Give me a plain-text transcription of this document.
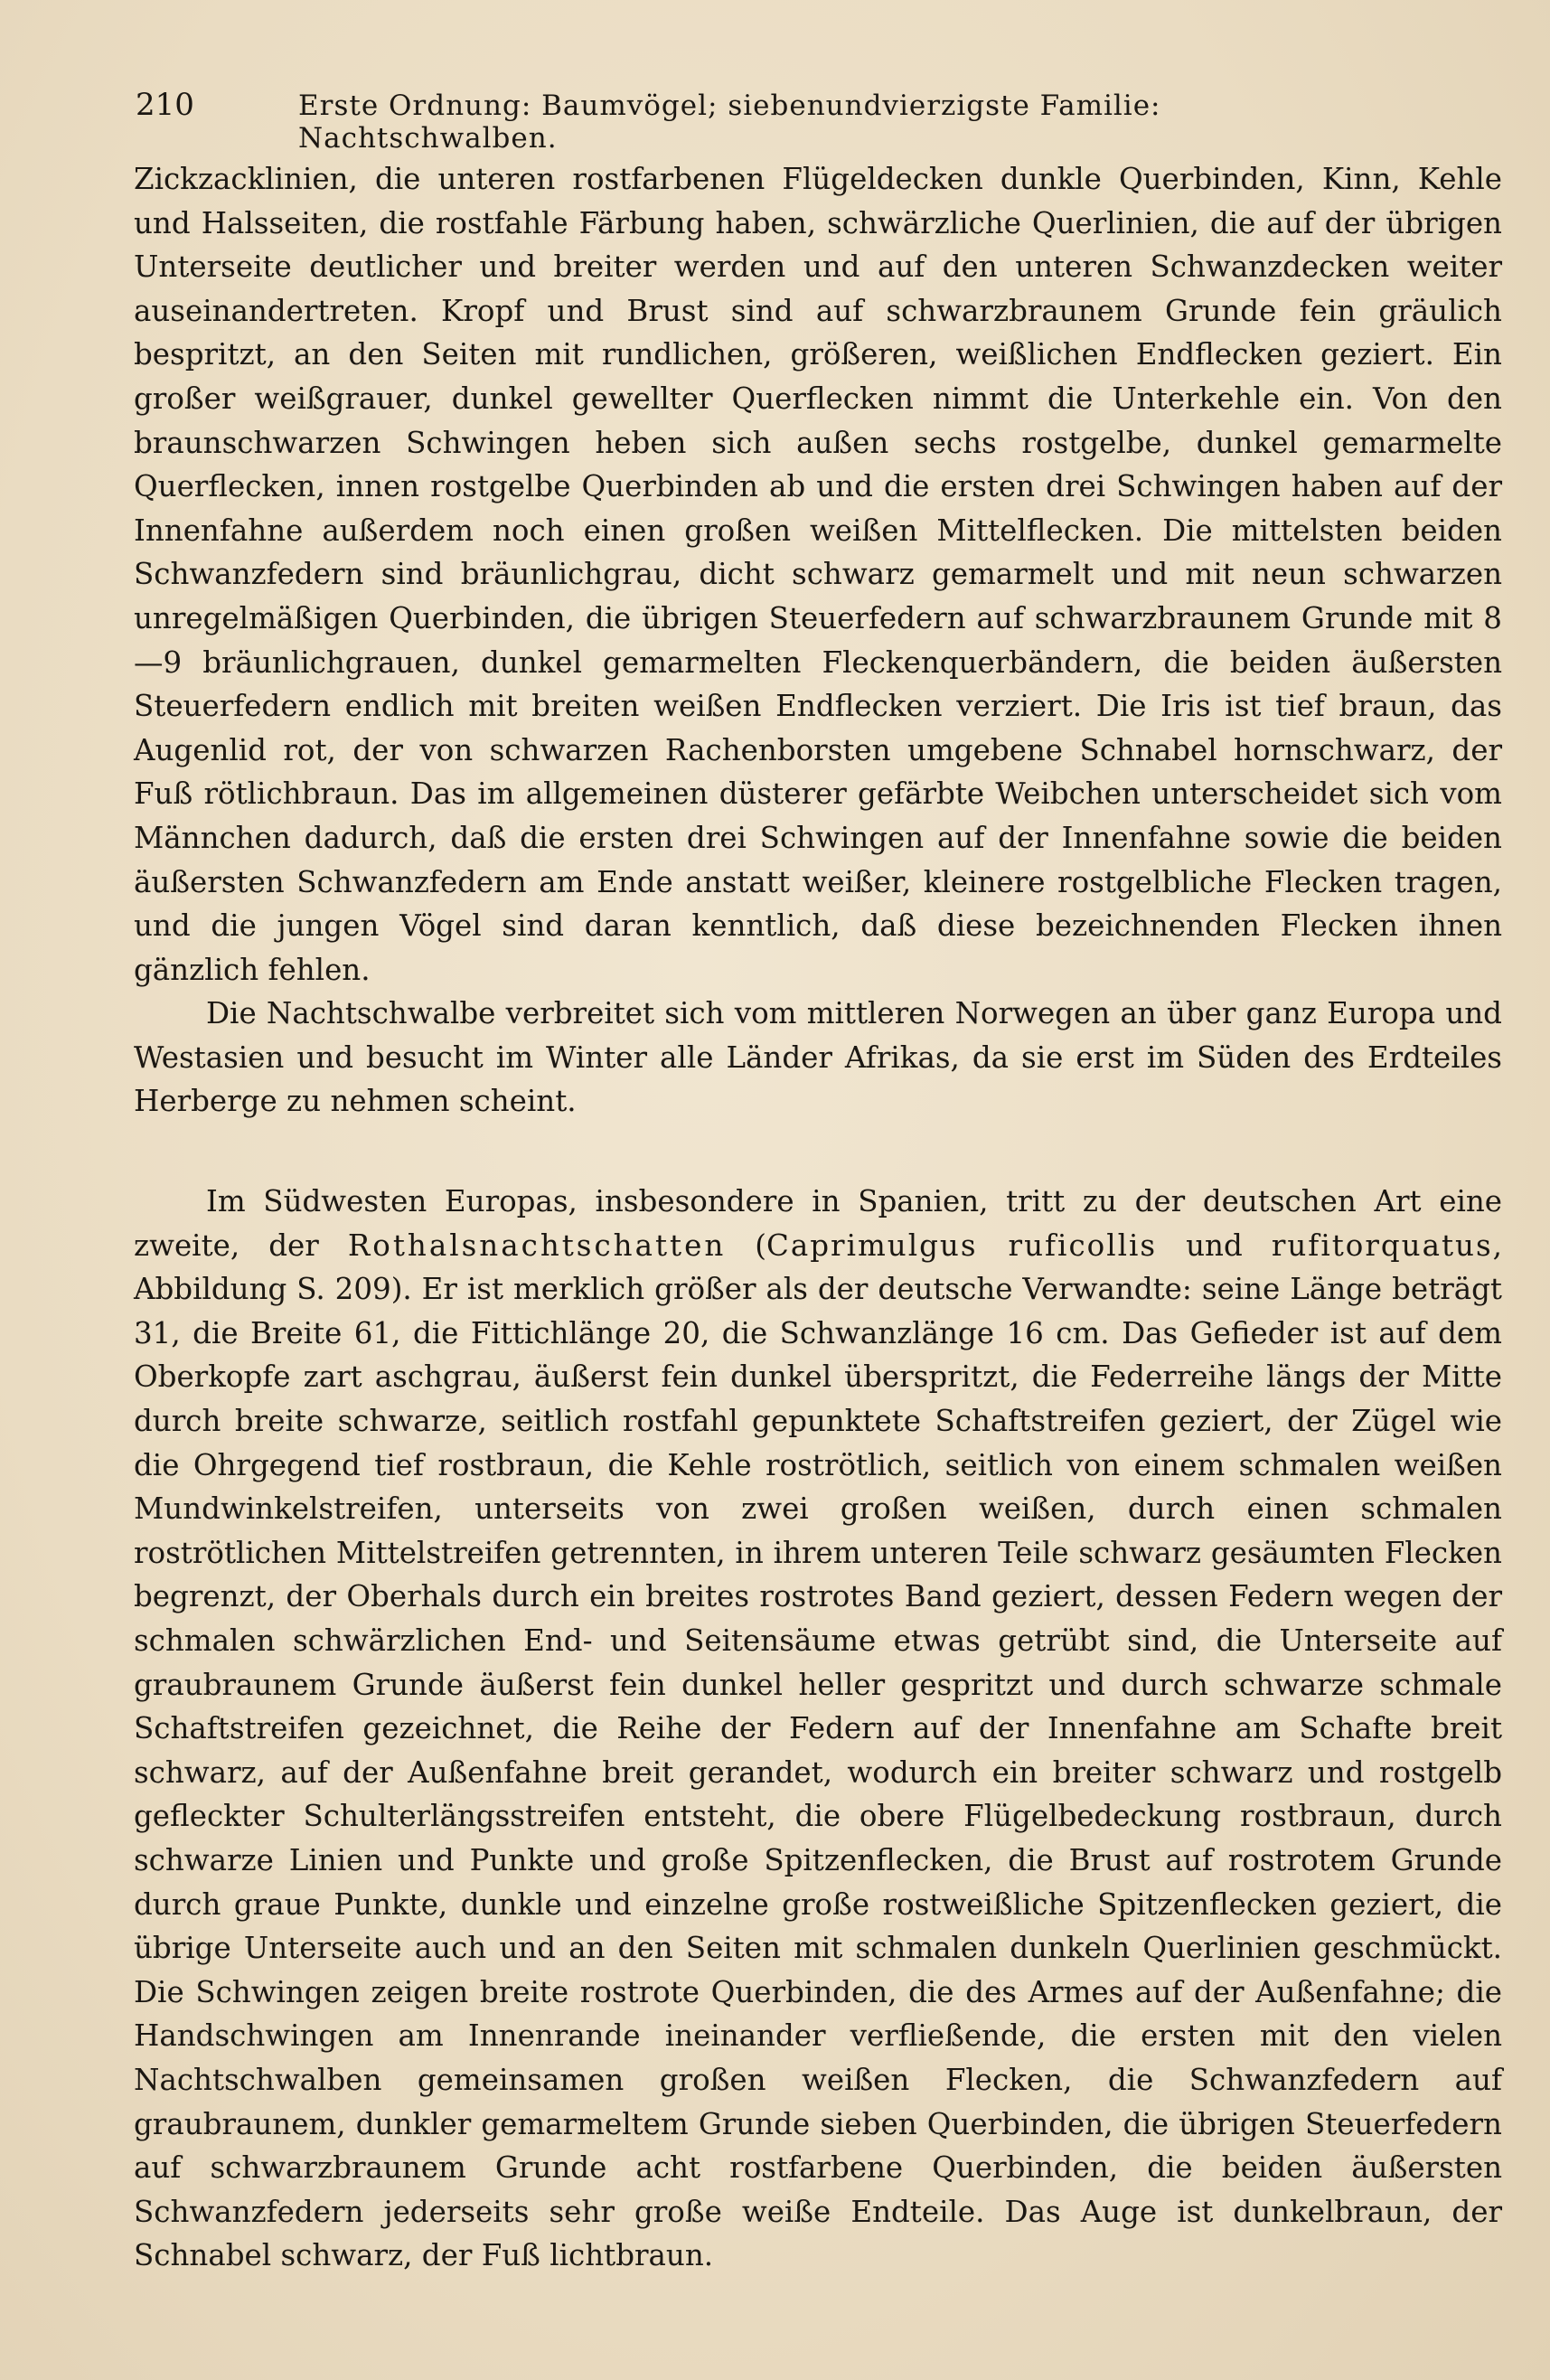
210	Erste Ordnung: Baumvögel; siebenundvierzigste Familie: Nachtschwalben.

Zickzacklinien, die unteren rostfarbenen Flügeldecken dunkle Querbinden, Kinn, Kehle und Halsseiten, die rostfahle Färbung haben, schwärzliche Querlinien, die auf der übrigen Unterseite deutlicher und breiter werden und auf den unteren Schwanzdecken weiter auseinandertreten. Kropf und Brust sind auf schwarzbraunem Grunde fein gräulich bespritzt, an den Seiten mit rundlichen, größeren, weißlichen Endflecken geziert. Ein großer weißgrauer, dunkel gewellter Querflecken nimmt die Unterkehle ein. Von den braunschwarzen Schwingen heben sich außen sechs rostgelbe, dunkel gemarmelte Querflecken, innen rostgelbe Querbinden ab und die ersten drei Schwingen haben auf der Innenfahne außerdem noch einen großen weißen Mittelflecken. Die mittelsten beiden Schwanzfedern sind bräunlichgrau, dicht schwarz gemarmelt und mit neun schwarzen unregelmäßigen Querbinden, die übrigen Steuerfedern auf schwarzbraunem Grunde mit 8—9 bräunlichgrauen, dunkel gemarmelten Fleckenquerbändern, die beiden äußersten Steuerfedern endlich mit breiten weißen Endflecken verziert. Die Iris ist tief braun, das Augenlid rot, der von schwarzen Rachenborsten umgebene Schnabel hornschwarz, der Fuß rötlichbraun. Das im allgemeinen düsterer gefärbte Weibchen unterscheidet sich vom Männchen dadurch, daß die ersten drei Schwingen auf der Innenfahne sowie die beiden äußersten Schwanzfedern am Ende anstatt weißer, kleinere rostgelbliche Flecken tragen, und die jungen Vögel sind daran kenntlich, daß diese bezeichnenden Flecken ihnen gänzlich fehlen.

Die Nachtschwalbe verbreitet sich vom mittleren Norwegen an über ganz Europa und Westasien und besucht im Winter alle Länder Afrikas, da sie erst im Süden des Erdteiles Herberge zu nehmen scheint.

Im Südwesten Europas, insbesondere in Spanien, tritt zu der deutschen Art eine zweite, der Rothalsnachtschatten (Caprimulgus ruficollis und rufitorquatus, Abbildung S. 209). Er ist merklich größer als der deutsche Verwandte: seine Länge beträgt 31, die Breite 61, die Fittichlänge 20, die Schwanzlänge 16 cm. Das Gefieder ist auf dem Oberkopfe zart aschgrau, äußerst fein dunkel überspritzt, die Federreihe längs der Mitte durch breite schwarze, seitlich rostfahl gepunktete Schaftstreifen geziert, der Zügel wie die Ohrgegend tief rostbraun, die Kehle roströtlich, seitlich von einem schmalen weißen Mundwinkelstreifen, unterseits von zwei großen weißen, durch einen schmalen roströtlichen Mittelstreifen getrennten, in ihrem unteren Teile schwarz gesäumten Flecken begrenzt, der Oberhals durch ein breites rostrotes Band geziert, dessen Federn wegen der schmalen schwärzlichen End- und Seitensäume etwas getrübt sind, die Unterseite auf graubraunem Grunde äußerst fein dunkel heller gespritzt und durch schwarze schmale Schaftstreifen gezeichnet, die Reihe der Federn auf der Innenfahne am Schafte breit schwarz, auf der Außenfahne breit gerandet, wodurch ein breiter schwarz und rostgelb gefleckter Schulterlängsstreifen entsteht, die obere Flügelbedeckung rostbraun, durch schwarze Linien und Punkte und große Spitzenflecken, die Brust auf rostrotem Grunde durch graue Punkte, dunkle und einzelne große rostweißliche Spitzenflecken geziert, die übrige Unterseite auch und an den Seiten mit schmalen dunkeln Querlinien geschmückt. Die Schwingen zeigen breite rostrote Querbinden, die des Armes auf der Außenfahne; die Handschwingen am Innenrande ineinander verfließende, die ersten mit den vielen Nachtschwalben gemeinsamen großen weißen Flecken, die Schwanzfedern auf graubraunem, dunkler gemarmeltem Grunde sieben Querbinden, die übrigen Steuerfedern auf schwarzbraunem Grunde acht rostfarbene Querbinden, die beiden äußersten Schwanzfedern jederseits sehr große weiße Endteile. Das Auge ist dunkelbraun, der Schnabel schwarz, der Fuß lichtbraun.
